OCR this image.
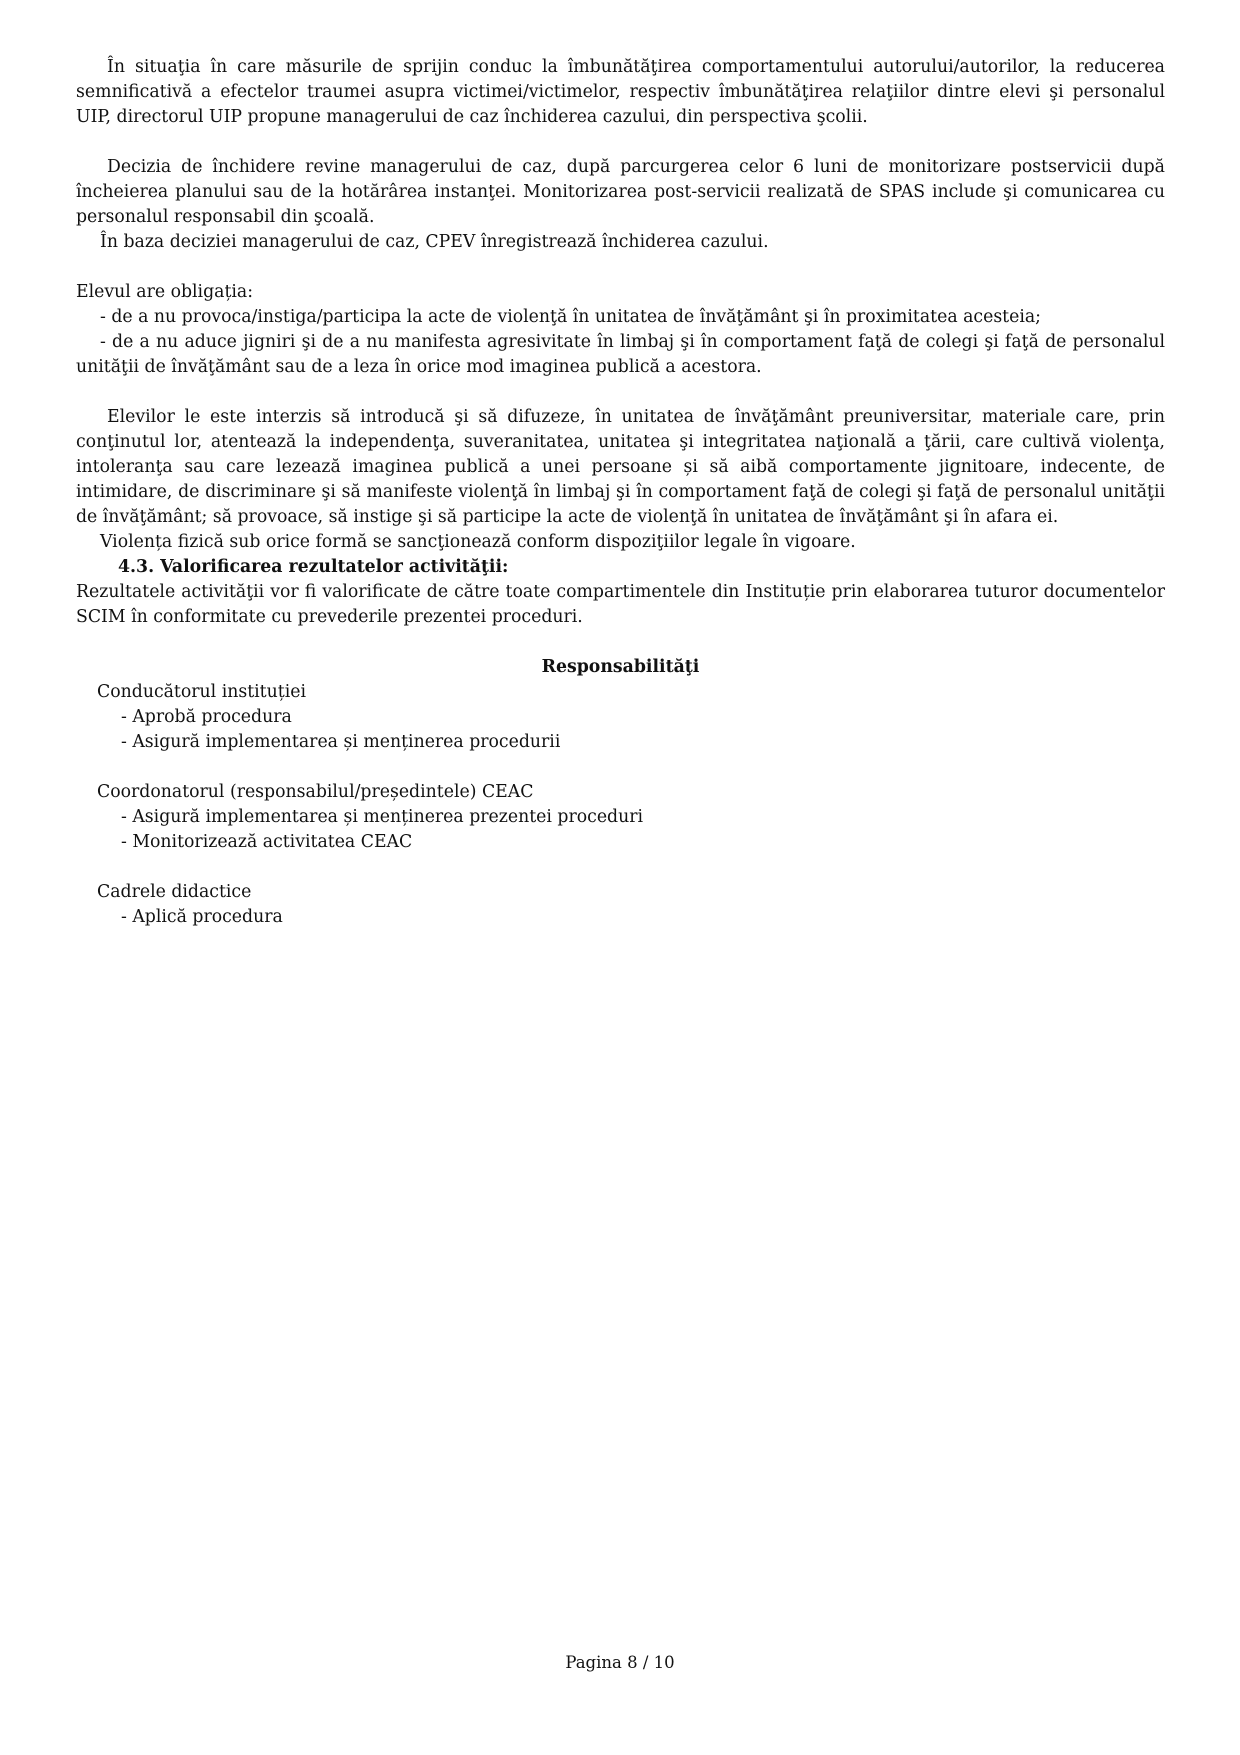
În situaţia în care măsurile de sprijin conduc la îmbunătăţirea comportamentului autorului/autorilor, la reducerea semnificativă a efectelor traumei asupra victimei/victimelor, respectiv îmbunătăţirea relaţiilor dintre elevi şi personalul UIP, directorul UIP propune managerului de caz închiderea cazului, din perspectiva şcolii.

Decizia de închidere revine managerului de caz, după parcurgerea celor 6 luni de monitorizare postservicii după încheierea planului sau de la hotărârea instanţei. Monitorizarea post-servicii realizată de SPAS include şi comunicarea cu personalul responsabil din şcoală.

În baza deciziei managerului de caz, CPEV înregistrează închiderea cazului.

Elevul are obligația:

- de a nu provoca/instiga/participa la acte de violenţă în unitatea de învăţământ şi în proximitatea acesteia;

- de a nu aduce jigniri şi de a nu manifesta agresivitate în limbaj şi în comportament faţă de colegi şi faţă de personalul unităţii de învăţământ sau de a leza în orice mod imaginea publică a acestora.

Elevilor le este interzis să introducă şi să difuzeze, în unitatea de învăţământ preuniversitar, materiale care, prin conţinutul lor, atentează la independenţa, suveranitatea, unitatea şi integritatea naţională a ţării, care cultivă violenţa, intoleranţa sau care lezează imaginea publică a unei persoane și să aibă comportamente jignitoare, indecente, de intimidare, de discriminare şi să manifeste violenţă în limbaj şi în comportament faţă de colegi şi faţă de personalul unităţii de învăţământ; să provoace, să instige şi să participe la acte de violenţă în unitatea de învăţământ şi în afara ei.

Violența fizică sub orice formă se sancţionează conform dispoziţiilor legale în vigoare.

4.3. Valorificarea rezultatelor activităţii:

Rezultatele activităţii vor fi valorificate de către toate compartimentele din Instituție prin elaborarea tuturor documentelor SCIM în conformitate cu prevederile prezentei proceduri.

Responsabilităţi

Conducătorul instituției

- Aprobă procedura

- Asigură implementarea și menținerea procedurii

Coordonatorul (responsabilul/președintele) CEAC

- Asigură implementarea și menținerea prezentei proceduri

- Monitorizează activitatea CEAC

Cadrele didactice

- Aplică procedura

Pagina 8 / 10
